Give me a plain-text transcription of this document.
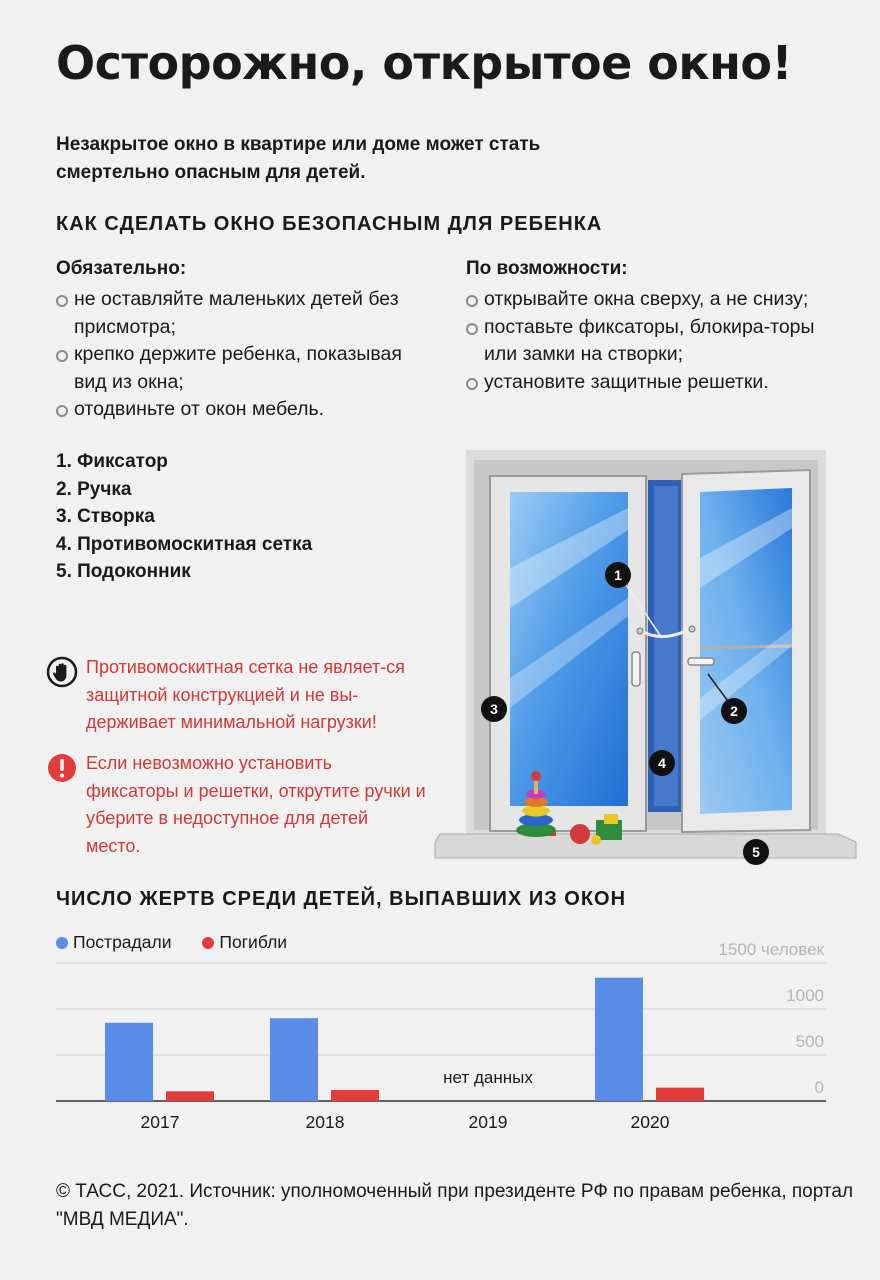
Осторожно, открытое окно!
Незакрытое окно в квартире или доме может стать смертельно опасным для детей.
КАК СДЕЛАТЬ ОКНО БЕЗОПАСНЫМ ДЛЯ РЕБЕНКА
Обязательно:
не оставляйте маленьких детей без присмотра;
крепко держите ребенка, показывая вид из окна;
отодвиньте от окон мебель.
По возможности:
открывайте окна сверху, а не снизу;
поставьте фиксаторы, блокира-торы или замки на створки;
установите защитные решетки.
1. Фиксатор
2. Ручка
3. Створка
4. Противомоскитная сетка
5. Подоконник
Противомоскитная сетка не являет-ся защитной конструкцией и не вы-держивает минимальной нагрузки!
Если невозможно установить фиксаторы и решетки, открутите ручки и уберите в недоступное для детей место.
1
2
3
4
5
ЧИСЛО ЖЕРТВ СРЕДИ ДЕТЕЙ, ВЫПАВШИХ ИЗ ОКОН
Пострадали	Погибли
0
500
1000
1500 человек
2017	2018	2019	2020
нет данных
© ТАСС, 2021. Источник: уполномоченный при президенте РФ по правам ребенка, портал "МВД МЕДИА".
